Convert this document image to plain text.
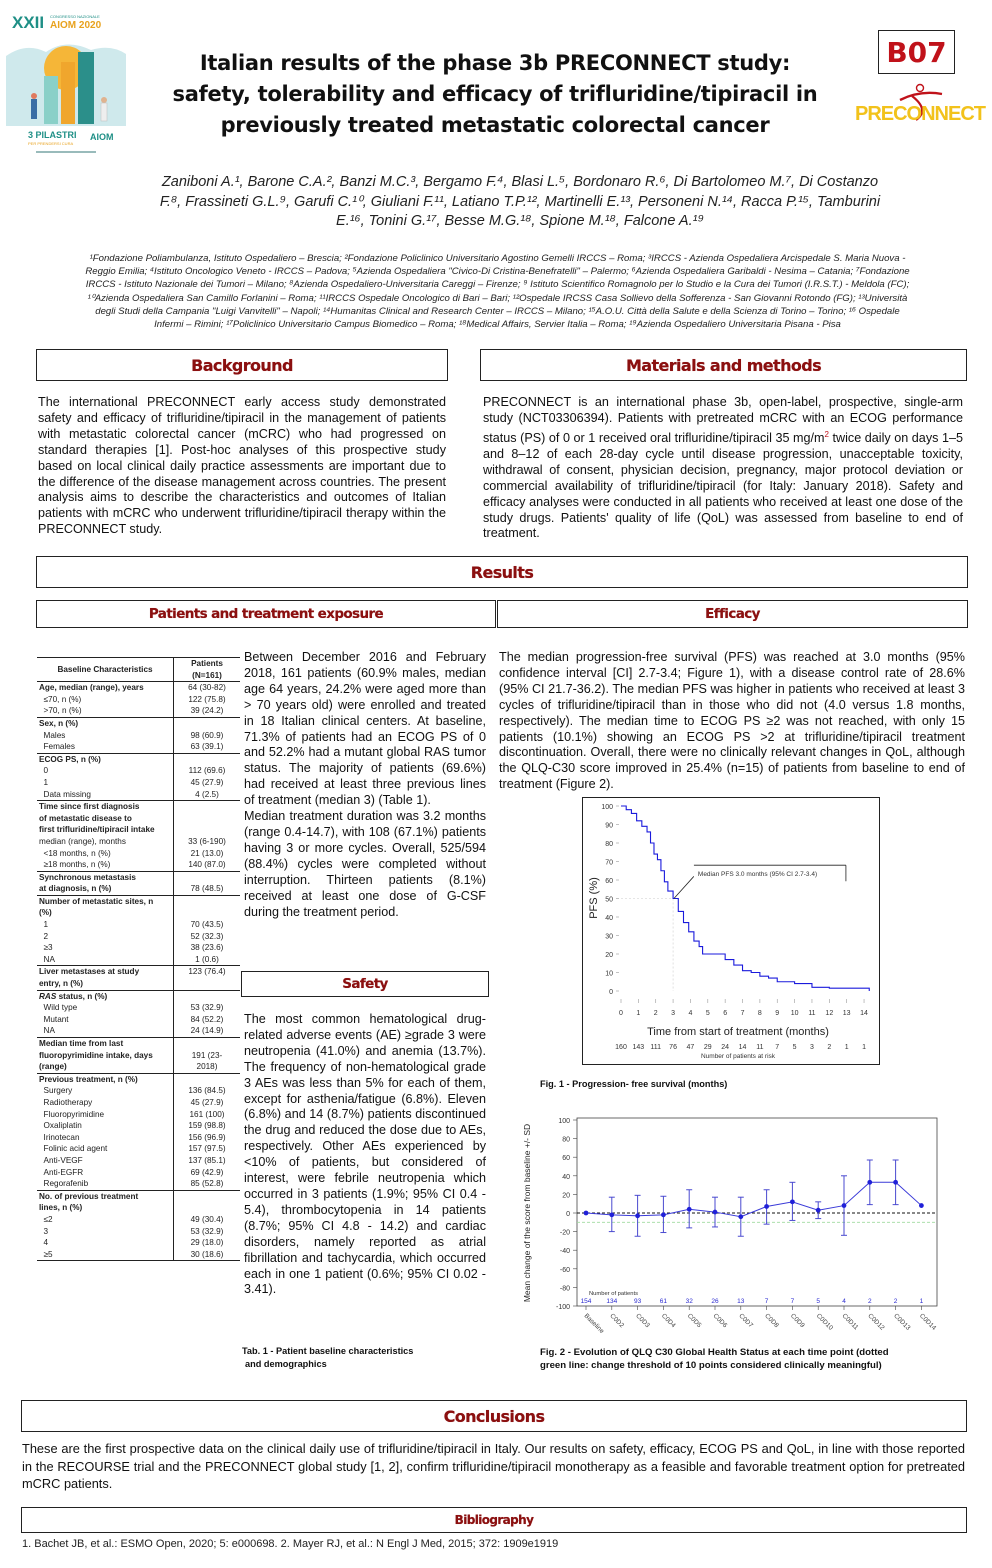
XXII CONGRESSO NAZIONALE
AIOM 2020
3 PILASTRI
PER PRENDERSI CURA
AIOM
Italian results of the phase 3b PRECONNECT study:
safety, tolerability and efficacy of trifluridine/tipiracil in
previously treated metastatic colorectal cancer
B07
PRECONNECT
Zaniboni A.¹, Barone C.A.², Banzi M.C.³, Bergamo F.⁴, Blasi L.⁵, Bordonaro R.⁶, Di Bartolomeo M.⁷, Di Costanzo
F.⁸, Frassineti G.L.⁹, Garufi C.¹⁰, Giuliani F.¹¹, Latiano T.P.¹², Martinelli E.¹³, Personeni N.¹⁴, Racca P.¹⁵, Tamburini
E.¹⁶, Tonini G.¹⁷, Besse M.G.¹⁸, Spione M.¹⁸, Falcone A.¹⁹
¹Fondazione Poliambulanza, Istituto Ospedaliero – Brescia; ²Fondazione Policlinico Universitario Agostino Gemelli IRCCS – Roma; ³IRCCS - Azienda Ospedaliera Arcispedale S. Maria Nuova -
Reggio Emilia; ⁴Istituto Oncologico Veneto - IRCCS – Padova; ⁵Azienda Ospedaliera "Civico-Di Cristina-Benefratelli" – Palermo; ⁶Azienda Ospedaliera Garibaldi - Nesima – Catania; ⁷Fondazione
IRCCS - Istituto Nazionale dei Tumori – Milano; ⁸Azienda Ospedaliero-Universitaria Careggi – Firenze; ⁹ Istituto Scientifico Romagnolo per lo Studio e la Cura dei Tumori (I.R.S.T.) - Meldola (FC);
¹⁰Azienda Ospedaliera San Camillo Forlanini – Roma; ¹¹IRCCS Ospedale Oncologico di Bari – Bari; ¹²Ospedale IRCSS Casa Sollievo della Sofferenza - San Giovanni Rotondo (FG); ¹³Università
degli Studi della Campania "Luigi Vanvitelli" – Napoli; ¹⁴Humanitas Clinical and Research Center – IRCCS – Milano; ¹⁵A.O.U. Città della Salute e della Scienza di Torino – Torino; ¹⁶ Ospedale
Infermi – Rimini; ¹⁷Policlinico Universitario Campus Biomedico – Roma; ¹⁸Medical Affairs, Servier Italia – Roma; ¹⁹Azienda Ospedaliero Universitaria Pisana - Pisa
Background
The international PRECONNECT early access study demonstrated safety and efficacy of trifluridine/tipiracil in the management of patients with metastatic colorectal cancer (mCRC) who had progressed on standard therapies [1]. Post-hoc analyses of this prospective study based on local clinical daily practice assessments are important due to the difference of the disease management across countries. The present analysis aims to describe the characteristics and outcomes of Italian patients with mCRC who underwent trifluridine/tipiracil therapy within the PRECONNECT study.
Materials and methods
PRECONNECT is an international phase 3b, open-label, prospective, single-arm study (NCT03306394). Patients with pretreated mCRC with an ECOG performance status (PS) of 0 or 1 received oral trifluridine/tipiracil 35 $mg/m^2$ twice daily on days 1–5 and 8–12 of each 28-day cycle until disease progression, unacceptable toxicity, withdrawal of consent, physician decision, pregnancy, major protocol deviation or commercial availability of trifluridine/tipiracil (for Italy: January 2018). Safety and efficacy analyses were conducted in all patients who received at least one dose of the study drugs. Patients' quality of life (QoL) was assessed from baseline to end of treatment.
Results
Patients and treatment exposure	Efficacy
Baseline Characteristics	Patients
(N=161)

Age, median (range), years	64 (30-82)
≤70, n (%)	122 (75.8)
>70, n (%)	39 (24.2)
Sex, n (%)	
Males	98 (60.9)
Females	63 (39.1)
ECOG PS, n (%)	
0	112 (69.6)
1	45 (27.9)
Data missing	4 (2.5)
Time since first diagnosis	
of metastatic disease to	
first trifluridine/tipiracil intake	

median (range), months	33 (6-190)
<18 months, n (%)	21 (13.0)
≥18 months, n (%)	140 (87.0)
Synchronous metastasis	
at diagnosis, n (%)	78 (48.5)
Number of metastatic sites, n	
(%)	
1	70 (43.5)
2	52 (32.3)
≥3	38 (23.6)
NA	1 (0.6)
Liver metastases at study	123 (76.4)
entry, n (%)	
RAS status, n (%)	
Wild type	53 (32.9)
Mutant	84 (52.2)
NA	24 (14.9)
Median time from last	
fluoropyrimidine intake, days	191 (23-
(range)	2018)
Previous treatment, n (%)	
Surgery	136 (84.5)
Radiotherapy	45 (27.9)
Fluoropyrimidine	161 (100)
Oxaliplatin	159 (98.8)
Irinotecan	156 (96.9)
Folinic acid agent	157 (97.5)
Anti-VEGF	137 (85.1)
Anti-EGFR	69 (42.9)
Regorafenib	85 (52.8)
No. of previous treatment	
lines, n (%)	
≤2	49 (30.4)
3	53 (32.9)
4	29 (18.0)
≥5	30 (18.6)
Tab. 1 - Patient baseline characteristics
and demographics
Between December 2016 and February 2018, 161 patients (60.9% males, median age 64 years, 24.2% were aged more than > 70 years old) were enrolled and treated in 18 Italian clinical centers. At baseline, 71.3% of patients had an ECOG PS of 0 and 52.2% had a mutant global RAS tumor status. The majority of patients (69.6%) had received at least three previous lines of treatment (median 3) (Table 1).
Median treatment duration was 3.2 months (range 0.4-14.7), with 108 (67.1%) patients having 3 or more cycles. Overall, 525/594 (88.4%) cycles were completed without interruption. Thirteen patients (8.1%) received at least one dose of G-CSF during the treatment period.
Safety
The most common hematological drug-related adverse events (AE) ≥grade 3 were neutropenia (41.0%) and anemia (13.7%). The frequency of non-hematological grade 3 AEs was less than 5% for each of them, except for asthenia/fatigue (6.8%). Eleven (6.8%) and 14 (8.7%) patients discontinued the drug and reduced the dose due to AEs, respectively. Other AEs experienced by <10% of patients, but considered of interest, were febrile neutropenia which occurred in 3 patients (1.9%; 95% CI 0.4 - 5.4), thrombocytopenia in 14 patients (8.7%; 95% CI 4.8 - 14.2) and cardiac disorders, namely reported as atrial fibrillation and tachycardia, which occurred each in one 1 patient (0.6%; 95% CI 0.02 - 3.41).
The median progression-free survival (PFS) was reached at 3.0 months (95% confidence interval [CI] 2.7-3.4; Figure 1), with a disease control rate of 28.6% (95% CI 21.7-36.2). The median PFS was higher in patients who received at least 3 cycles of trifluridine/tipiracil than in those who did not (4.0 versus 1.8 months, respectively). The median time to ECOG PS ≥2 was not reached, with only 15 patients (10.1%) showing an ECOG PS >2 at trifluridine/tipiracil treatment discontinuation. Overall, there were no clinically relevant changes in QoL, although the QLQ-C30 score improved in 25.4% (n=15) of patients from baseline to end of treatment (Figure 2).
0
10
20
30
40
50
60
70
80
90
100
0 1 2 3 4 5 6 7 8 9 10 11 12 13 14
PFS (%)
Time from start of treatment (months)
160 143 111 76 47 29 24 14 11 7 5 3 2 1 1
Number of patients at risk
Median PFS 3.0 months (95% CI 2.7-3.4)
Fig. 1 - Progression- free survival (months)
-100
-80
-60
-40
-20
0
20
40
60
80
100
Mean change of the score from baseline +/- SD	154
Baseline
134
C0D2
93
C0D3
61
C0D4
32
C0D5
26
C0D6
13
C0D7
7
C0D8
7
C0D9
5
C0D10
4
C0D11
2
C0D12
2
C0D13
1
C0D14
Number of patients
Fig. 2 - Evolution of QLQ C30 Global Health Status at each time point (dotted
green line: change threshold of 10 points considered clinically meaningful)
Conclusions
These are the first prospective data on the clinical daily use of trifluridine/tipiracil in Italy. Our results on safety, efficacy, ECOG PS and QoL, in line with those reported in the RECOURSE trial and the PRECONNECT global study [1, 2], confirm trifluridine/tipiracil monotherapy as a feasible and favorable treatment option for pretreated mCRC patients.
Bibliography
1. Bachet JB, et al.: ESMO Open, 2020; 5: e000698. 2. Mayer RJ, et al.: N Engl J Med, 2015; 372: 1909e1919
